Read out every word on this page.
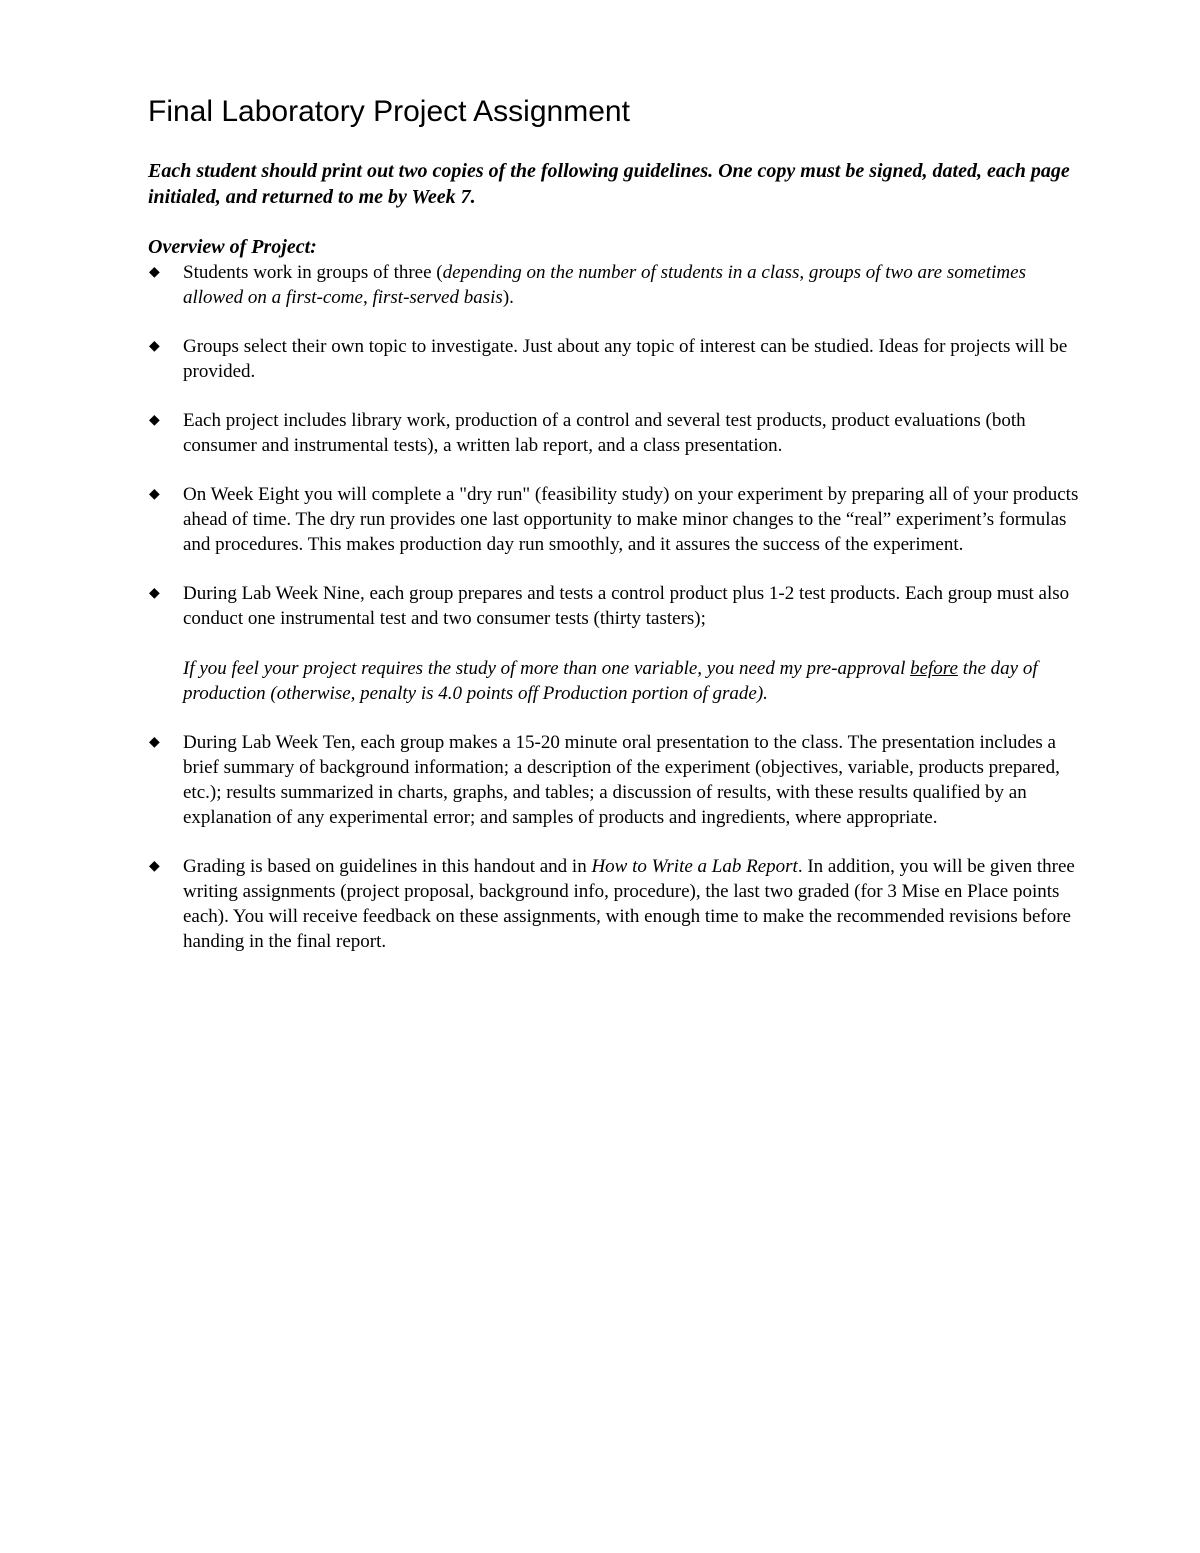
Final Laboratory Project Assignment

Each student should print out two copies of the following guidelines. One copy must be signed, dated, each page initialed, and returned to me by Week 7.

Overview of Project:

◆ Students work in groups of three (depending on the number of students in a class, groups of two are sometimes allowed on a first-come, first-served basis).
◆ Groups select their own topic to investigate. Just about any topic of interest can be studied. Ideas for projects will be provided.
◆ Each project includes library work, production of a control and several test products, product evaluations (both consumer and instrumental tests), a written lab report, and a class presentation.
◆ On Week Eight you will complete a "dry run" (feasibility study) on your experiment by preparing all of your products ahead of time. The dry run provides one last opportunity to make minor changes to the “real” experiment’s formulas and procedures. This makes production day run smoothly, and it assures the success of the experiment.
◆ During Lab Week Nine, each group prepares and tests a control product plus 1-2 test products. Each group must also conduct one instrumental test and two consumer tests (thirty tasters);
If you feel your project requires the study of more than one variable, you need my pre-approval before the day of production (otherwise, penalty is 4.0 points off Production portion of grade).
◆ During Lab Week Ten, each group makes a 15-20 minute oral presentation to the class. The presentation includes a brief summary of background information; a description of the experiment (objectives, variable, products prepared, etc.); results summarized in charts, graphs, and tables; a discussion of results, with these results qualified by an explanation of any experimental error; and samples of products and ingredients, where appropriate.
◆ Grading is based on guidelines in this handout and in How to Write a Lab Report. In addition, you will be given three writing assignments (project proposal, background info, procedure), the last two graded (for 3 Mise en Place points each). You will receive feedback on these assignments, with enough time to make the recommended revisions before handing in the final report.
